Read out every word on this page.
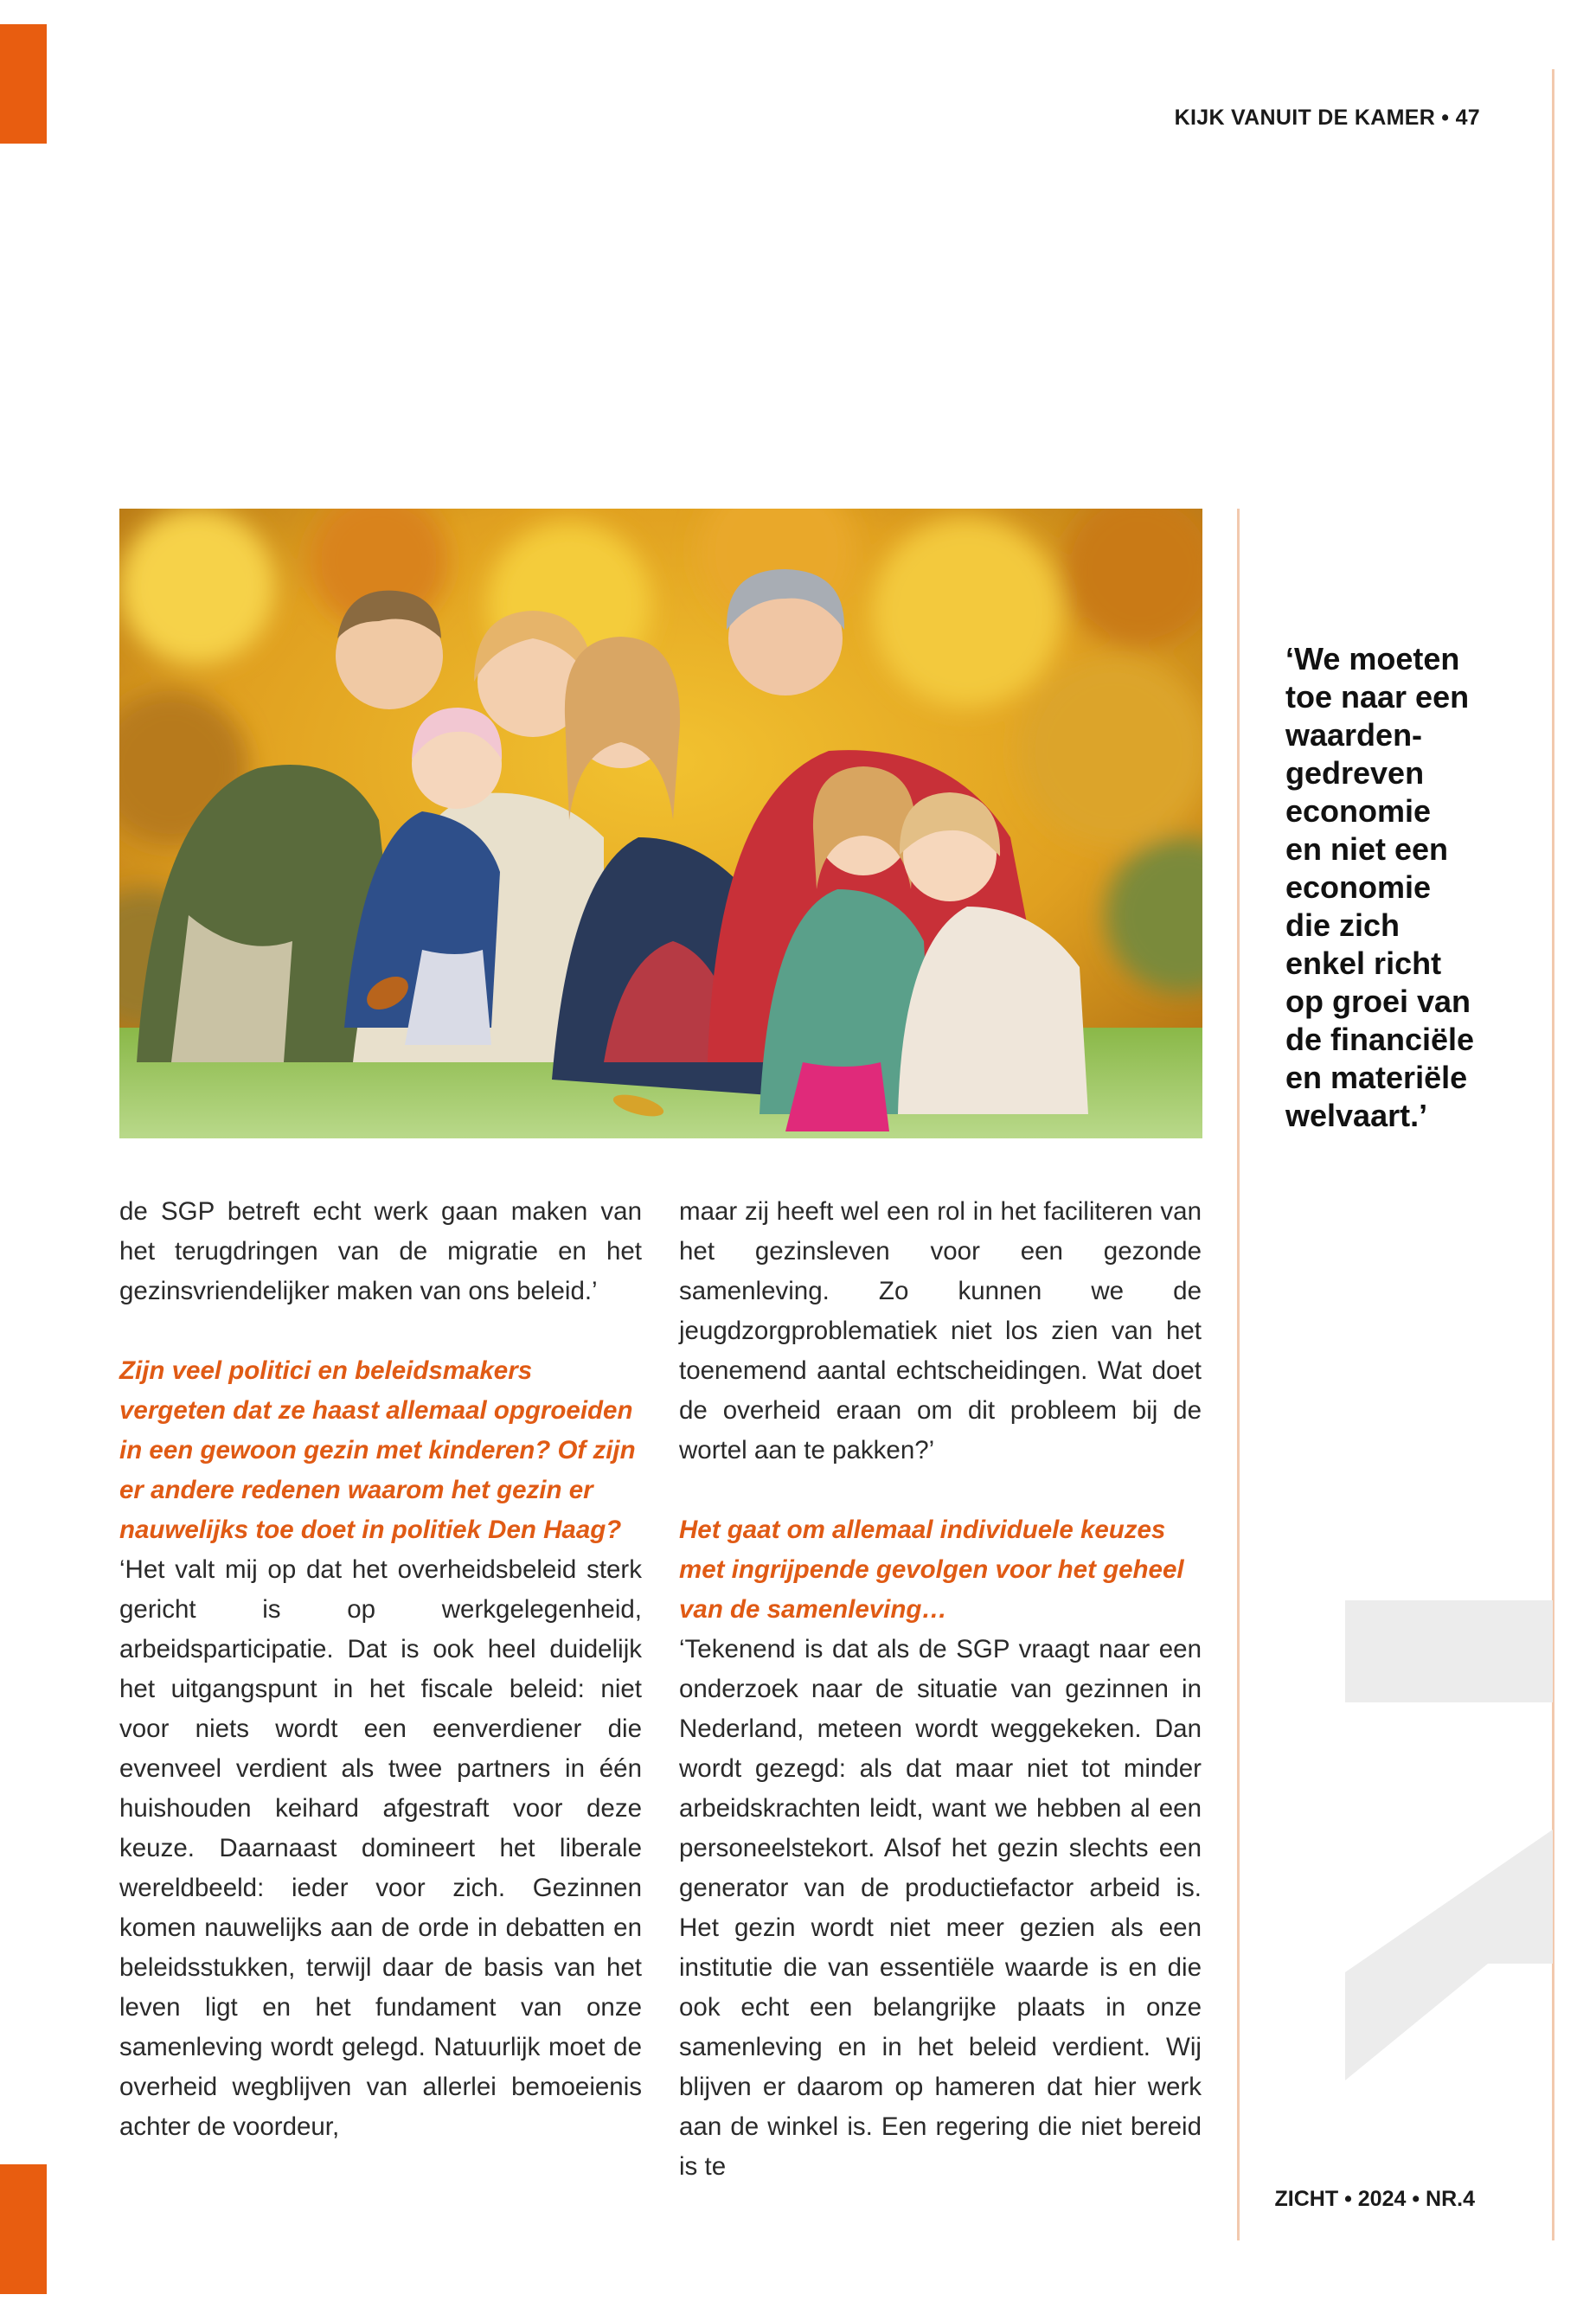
KIJK VANUIT DE KAMER • 47
‘We moeten
toe naar een
waarden-
gedreven
economie
en niet een
economie
die zich
enkel richt
op groei van
de financiële
en materiële
welvaart.’

de SGP betreft echt werk gaan maken van het terugdringen van de migratie en het gezinsvriendelijker maken van ons beleid.’

Zijn veel politici en beleidsmakers vergeten dat ze haast allemaal opgroeiden in een gewoon gezin met kinderen? Of zijn er andere redenen waarom het gezin er nauwelijks toe doet in politiek Den Haag?

‘Het valt mij op dat het overheidsbeleid sterk gericht is op werkgelegenheid, arbeidsparticipatie. Dat is ook heel duidelijk het uitgangspunt in het fiscale beleid: niet voor niets wordt een eenverdiener die evenveel verdient als twee partners in één huishouden keihard afgestraft voor deze keuze. Daarnaast domineert het liberale wereldbeeld: ieder voor zich. Gezinnen komen nauwelijks aan de orde in debatten en beleidsstukken, terwijl daar de basis van het leven ligt en het fundament van onze samenleving wordt gelegd. Natuurlijk moet de overheid wegblijven van allerlei bemoeienis achter de voordeur,

maar zij heeft wel een rol in het faciliteren van het gezinsleven voor een gezonde samenleving. Zo kunnen we de jeugdzorgproblematiek niet los zien van het toenemend aantal echtscheidingen. Wat doet de overheid eraan om dit probleem bij de wortel aan te pakken?’

Het gaat om allemaal individuele keuzes met ingrijpende gevolgen voor het geheel van de samenleving…

‘Tekenend is dat als de SGP vraagt naar een onderzoek naar de situatie van gezinnen in Nederland, meteen wordt weggekeken. Dan wordt gezegd: als dat maar niet tot minder arbeidskrachten leidt, want we hebben al een personeelstekort. Alsof het gezin slechts een generator van de productiefactor arbeid is. Het gezin wordt niet meer gezien als een institutie die van essentiële waarde is en die ook echt een belangrijke plaats in onze samenleving en in het beleid verdient. Wij blijven er daarom op hameren dat hier werk aan de winkel is. Een regering die niet bereid is te

ZICHT • 2024 • NR.4
